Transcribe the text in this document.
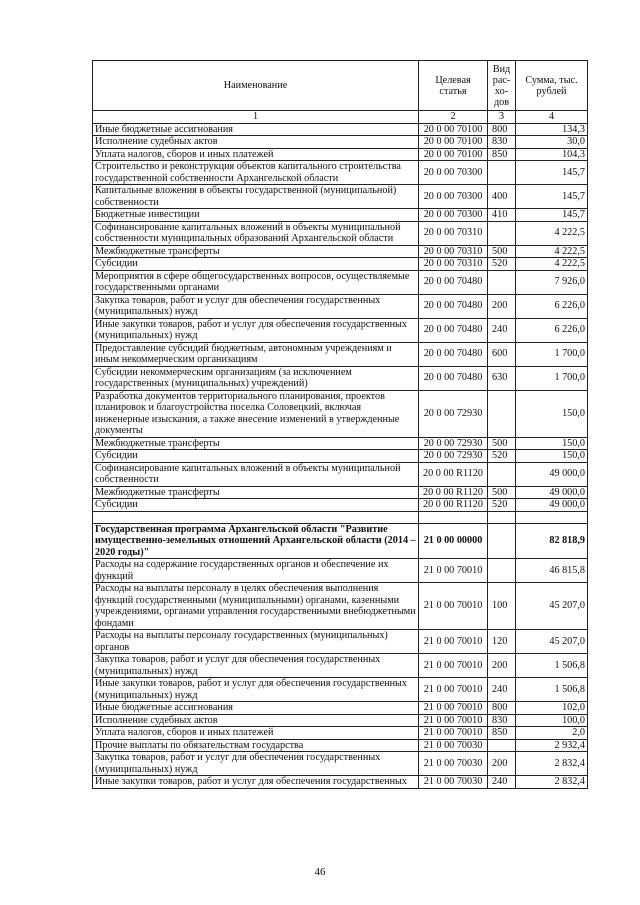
Наименование	Целевая статья	Вид рас-хо-дов	Сумма, тыс. рублей
1	2	3	4
Иные бюджетные ассигнования	20 0 00 70100	800	134,3
Исполнение судебных актов	20 0 00 70100	830	30,0
Уплата налогов, сборов и иных платежей	20 0 00 70100	850	104,3
Строительство и реконструкция объектов капитального строительства государственной собственности Архангельской области	20 0 00 70300		145,7
Капитальные вложения в объекты государственной (муниципальной) собственности	20 0 00 70300	400	145,7
Бюджетные инвестиции	20 0 00 70300	410	145,7
Софинансирование капитальных вложений в объекты муниципальной собственности муниципальных образований Архангельской области	20 0 00 70310		4 222,5
Межбюджетные трансферты	20 0 00 70310	500	4 222,5
Субсидии	20 0 00 70310	520	4 222,5
Мероприятия в сфере общегосударственных вопросов, осуществляемые государственными органами	20 0 00 70480		7 926,0
Закупка товаров, работ и услуг для обеспечения государственных (муниципальных) нужд	20 0 00 70480	200	6 226,0
Иные закупки товаров, работ и услуг для обеспечения государственных (муниципальных) нужд	20 0 00 70480	240	6 226,0
Предоставление субсидий бюджетным, автономным учреждениям и иным некоммерческим организациям	20 0 00 70480	600	1 700,0
Субсидии некоммерческим организациям (за исключением государственных (муниципальных) учреждений)	20 0 00 70480	630	1 700,0
Разработка документов территориального планирования, проектов планировок и благоустройства поселка Соловецкий, включая инженерные изыскания, а также внесение изменений в утвержденные документы	20 0 00 72930		150,0
Межбюджетные трансферты	20 0 00 72930	500	150,0
Субсидии	20 0 00 72930	520	150,0
Софинансирование капитальных вложений в объекты муниципальной собственности	20 0 00 R1120		49 000,0
Межбюджетные трансферты	20 0 00 R1120	500	49 000,0
Субсидии	20 0 00 R1120	520	49 000,0

Государственная программа Архангельской области "Развитие имущественно-земельных отношений Архангельской области (2014 – 2020 годы)"	21 0 00 00000		82 818,9
Расходы на содержание государственных органов и обеспечение их функций	21 0 00 70010		46 815,8
Расходы на выплаты персоналу в целях обеспечения выполнения функций государственными (муниципальными) органами, казенными учреждениями, органами управления государственными внебюджетными фондами	21 0 00 70010	100	45 207,0
Расходы на выплаты персоналу государственных (муниципальных) органов	21 0 00 70010	120	45 207,0
Закупка товаров, работ и услуг для обеспечения государственных (муниципальных) нужд	21 0 00 70010	200	1 506,8
Иные закупки товаров, работ и услуг для обеспечения государственных (муниципальных) нужд	21 0 00 70010	240	1 506,8
Иные бюджетные ассигнования	21 0 00 70010	800	102,0
Исполнение судебных актов	21 0 00 70010	830	100,0
Уплата налогов, сборов и иных платежей	21 0 00 70010	850	2,0
Прочие выплаты по обязательствам государства	21 0 00 70030		2 932,4
Закупка товаров, работ и услуг для обеспечения государственных (муниципальных) нужд	21 0 00 70030	200	2 832,4
Иные закупки товаров, работ и услуг для обеспечения государственных	21 0 00 70030	240	2 832,4
46
